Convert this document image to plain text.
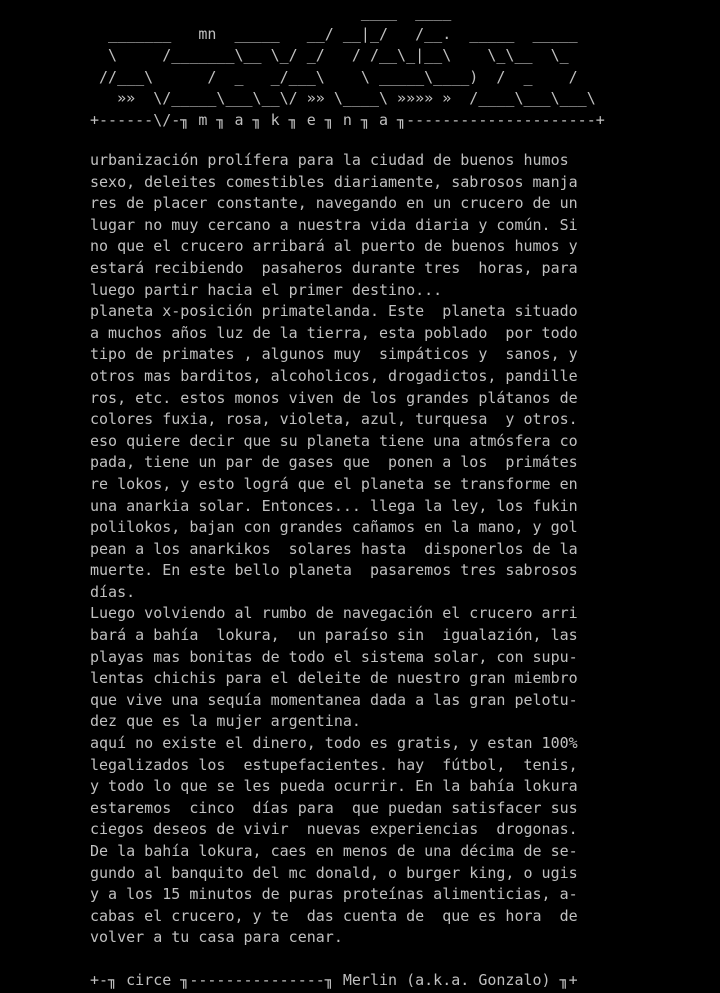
____  ____
_______   mn  _____   __/ __|_/   /__.  _____  _____
\     /_______\__ \_/ _/   / /__\_|__\    \_\__  \_
//___\      /  _   _/___\    \ _____\____)  /  _    /
»»  \/_____\___\__\/ »» \____\ »»»» »  /____\___\___\
+------\/-╖ m ╖ a ╖ k ╖ e ╖ n ╖ a ╖---------------------+
urbanización prolífera para la ciudad de buenos humos
sexo, deleites comestibles diariamente, sabrosos manja
res de placer constante, navegando en un crucero de un
lugar no muy cercano a nuestra vida diaria y común. Si
no que el crucero arribará al puerto de buenos humos y
estará recibiendo  pasaheros durante tres  horas, para
luego partir hacia el primer destino...
planeta x-posición primatelanda. Este  planeta situado
a muchos años luz de la tierra, esta poblado  por todo
tipo de primates , algunos muy  simpáticos y  sanos, y
otros mas barditos, alcoholicos, drogadictos, pandille
ros, etc. estos monos viven de los grandes plátanos de
colores fuxia, rosa, violeta, azul, turquesa  y otros.
eso quiere decir que su planeta tiene una atmósfera co
pada, tiene un par de gases que  ponen a los  primátes
re lokos, y esto lográ que el planeta se transforme en
una anarkia solar. Entonces... llega la ley, los fukin
polilokos, bajan con grandes cañamos en la mano, y gol
pean a los anarkikos  solares hasta  disponerlos de la
muerte. En este bello planeta  pasaremos tres sabrosos
días.
Luego volviendo al rumbo de navegación el crucero arri
bará a bahía  lokura,  un paraíso sin  igualazión, las
playas mas bonitas de todo el sistema solar, con supu-
lentas chichis para el deleite de nuestro gran miembro
que vive una sequía momentanea dada a las gran pelotu-
dez que es la mujer argentina.
aquí no existe el dinero, todo es gratis, y estan 100%
legalizados los  estupefacientes. hay  fútbol,  tenis,
y todo lo que se les pueda ocurrir. En la bahía lokura
estaremos  cinco  días para  que puedan satisfacer sus
ciegos deseos de vivir  nuevas experiencias  drogonas.
De la bahía lokura, caes en menos de una décima de se-
gundo al banquito del mc donald, o burger king, o ugis
y a los 15 minutos de puras proteínas alimenticias, a-
cabas el crucero, y te  das cuenta de  que es hora  de
volver a tu casa para cenar.
+-╖ circe ╖---------------╖ Merlin (a.k.a. Gonzalo) ╖+
